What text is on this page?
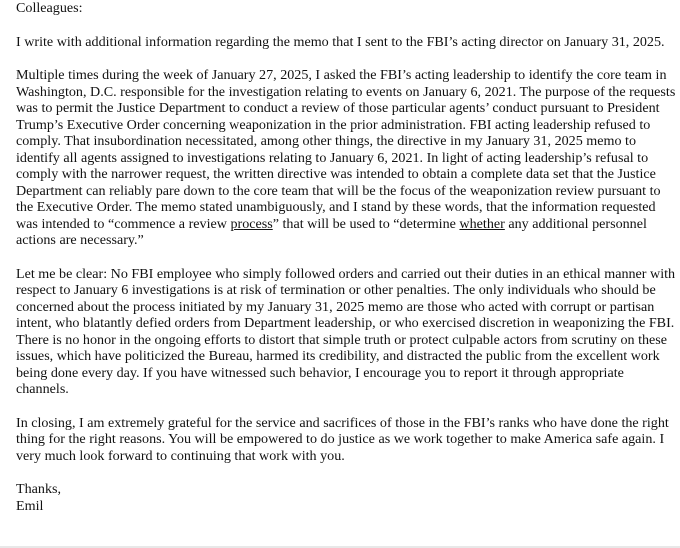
Colleagues:

I write with additional information regarding the memo that I sent to the FBI’s acting director on January 31, 2025.

Multiple times during the week of January 27, 2025, I asked the FBI’s acting leadership to identify the core team in Washington, D.C. responsible for the investigation relating to events on January 6, 2021. The purpose of the requests was to permit the Justice Department to conduct a review of those particular agents’ conduct pursuant to President Trump’s Executive Order concerning weaponization in the prior administration. FBI acting leadership refused to comply. That insubordination necessitated, among other things, the directive in my January 31, 2025 memo to identify all agents assigned to investigations relating to January 6, 2021. In light of acting leadership’s refusal to comply with the narrower request, the written directive was intended to obtain a complete data set that the Justice Department can reliably pare down to the core team that will be the focus of the weaponization review pursuant to the Executive Order. The memo stated unambiguously, and I stand by these words, that the information requested was intended to “commence a review process” that will be used to “determine whether any additional personnel actions are necessary.”

Let me be clear: No FBI employee who simply followed orders and carried out their duties in an ethical manner with respect to January 6 investigations is at risk of termination or other penalties. The only individuals who should be concerned about the process initiated by my January 31, 2025 memo are those who acted with corrupt or partisan intent, who blatantly defied orders from Department leadership, or who exercised discretion in weaponizing the FBI. There is no honor in the ongoing efforts to distort that simple truth or protect culpable actors from scrutiny on these issues, which have politicized the Bureau, harmed its credibility, and distracted the public from the excellent work being done every day. If you have witnessed such behavior, I encourage you to report it through appropriate channels.

In closing, I am extremely grateful for the service and sacrifices of those in the FBI’s ranks who have done the right thing for the right reasons. You will be empowered to do justice as we work together to make America safe again. I very much look forward to continuing that work with you.

Thanks,

Emil
